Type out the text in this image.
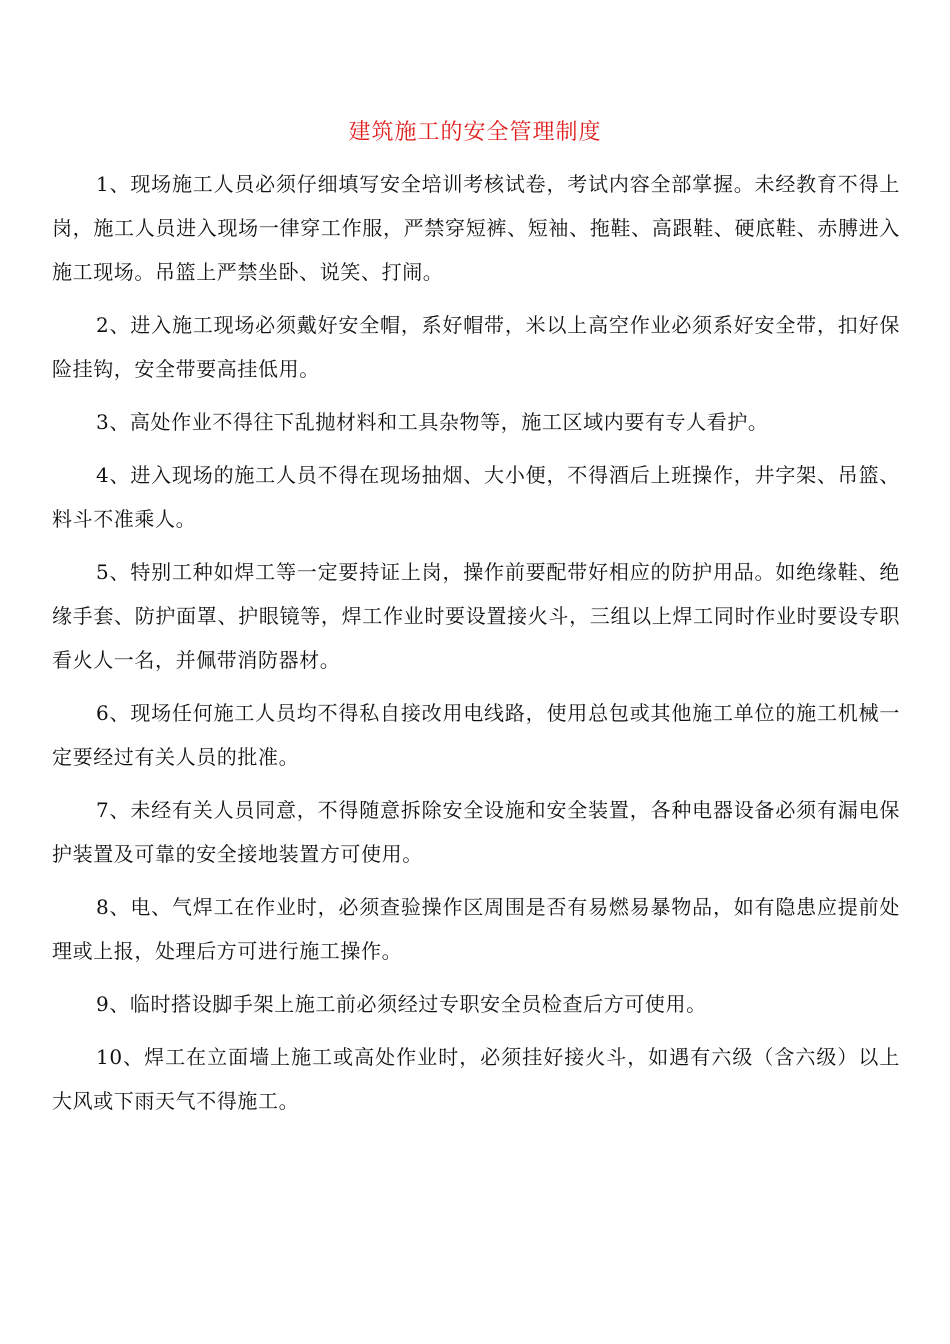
建筑施工的安全管理制度

1、现场施工人员必须仔细填写安全培训考核试卷，考试内容全部掌握。未经教育不得上岗，施工人员进入现场一律穿工作服，严禁穿短裤、短袖、拖鞋、高跟鞋、硬底鞋、赤膊进入施工现场。吊篮上严禁坐卧、说笑、打闹。

2、进入施工现场必须戴好安全帽，系好帽带，米以上高空作业必须系好安全带，扣好保险挂钩，安全带要高挂低用。

3、高处作业不得往下乱抛材料和工具杂物等，施工区域内要有专人看护。

4、进入现场的施工人员不得在现场抽烟、大小便，不得酒后上班操作，井字架、吊篮、料斗不准乘人。

5、特别工种如焊工等一定要持证上岗，操作前要配带好相应的防护用品。如绝缘鞋、绝缘手套、防护面罩、护眼镜等，焊工作业时要设置接火斗，三组以上焊工同时作业时要设专职看火人一名，并佩带消防器材。

6、现场任何施工人员均不得私自接改用电线路，使用总包或其他施工单位的施工机械一定要经过有关人员的批准。

7、未经有关人员同意，不得随意拆除安全设施和安全装置，各种电器设备必须有漏电保护装置及可靠的安全接地装置方可使用。

8、电、气焊工在作业时，必须查验操作区周围是否有易燃易暴物品，如有隐患应提前处理或上报，处理后方可进行施工操作。

9、临时搭设脚手架上施工前必须经过专职安全员检查后方可使用。

10、焊工在立面墙上施工或高处作业时，必须挂好接火斗，如遇有六级（含六级）以上大风或下雨天气不得施工。
